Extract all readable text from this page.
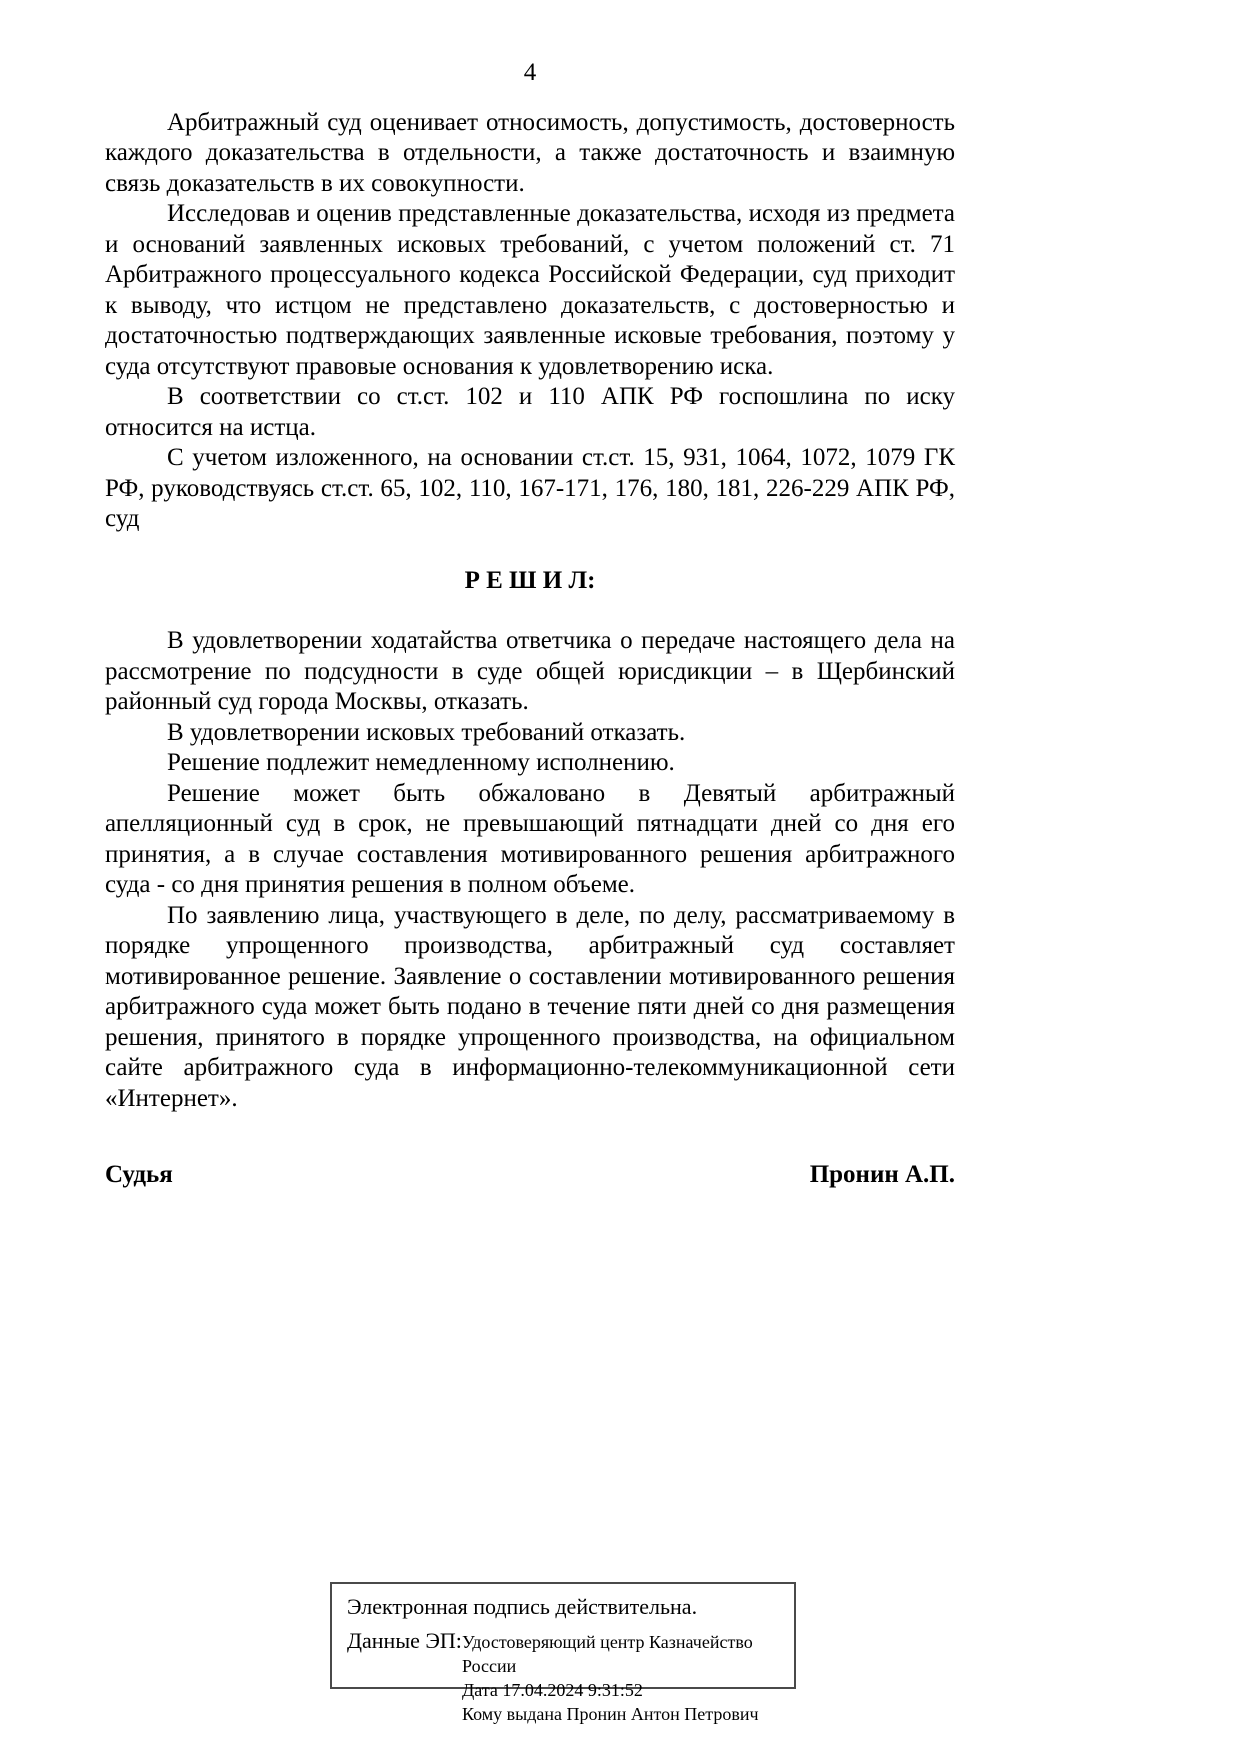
4

Арбитражный суд оценивает относимость, допустимость, достоверность каждого доказательства в отдельности, а также достаточность и взаимную связь доказательств в их совокупности.

Исследовав и оценив представленные доказательства, исходя из предмета и оснований заявленных исковых требований, с учетом положений ст. 71 Арбитражного процессуального кодекса Российской Федерации, суд приходит к выводу, что истцом не представлено доказательств, с достоверностью и достаточностью подтверждающих заявленные исковые требования, поэтому у суда отсутствуют правовые основания к удовлетворению иска.

В соответствии со ст.ст. 102 и 110 АПК РФ госпошлина по иску относится на истца.

С учетом изложенного, на основании ст.ст. 15, 931, 1064, 1072, 1079 ГК РФ, руководствуясь ст.ст. 65, 102, 110, 167-171, 176, 180, 181, 226-229 АПК РФ, суд

Р Е Ш И Л:

В удовлетворении ходатайства ответчика о передаче настоящего дела на рассмотрение по подсудности в суде общей юрисдикции – в Щербинский районный суд города Москвы, отказать.

В удовлетворении исковых требований отказать.

Решение подлежит немедленному исполнению.

Решение может быть обжаловано в Девятый арбитражный апелляционный суд в срок, не превышающий пятнадцати дней со дня его принятия, а в случае составления мотивированного решения арбитражного суда - со дня принятия решения в полном объеме.

По заявлению лица, участвующего в деле, по делу, рассматриваемому в порядке упрощенного производства, арбитражный суд составляет мотивированное решение. Заявление о составлении мотивированного решения арбитражного суда может быть подано в течение пяти дней со дня размещения решения, принятого в порядке упрощенного производства, на официальном сайте арбитражного суда в информационно-телекоммуникационной сети «Интернет».

Судья	Пронин А.П.
Электронная подпись действительна.
Данные ЭП: Удостоверяющий центр Казначейство России
Дата 17.04.2024 9:31:52
Кому выдана Пронин Антон Петрович
